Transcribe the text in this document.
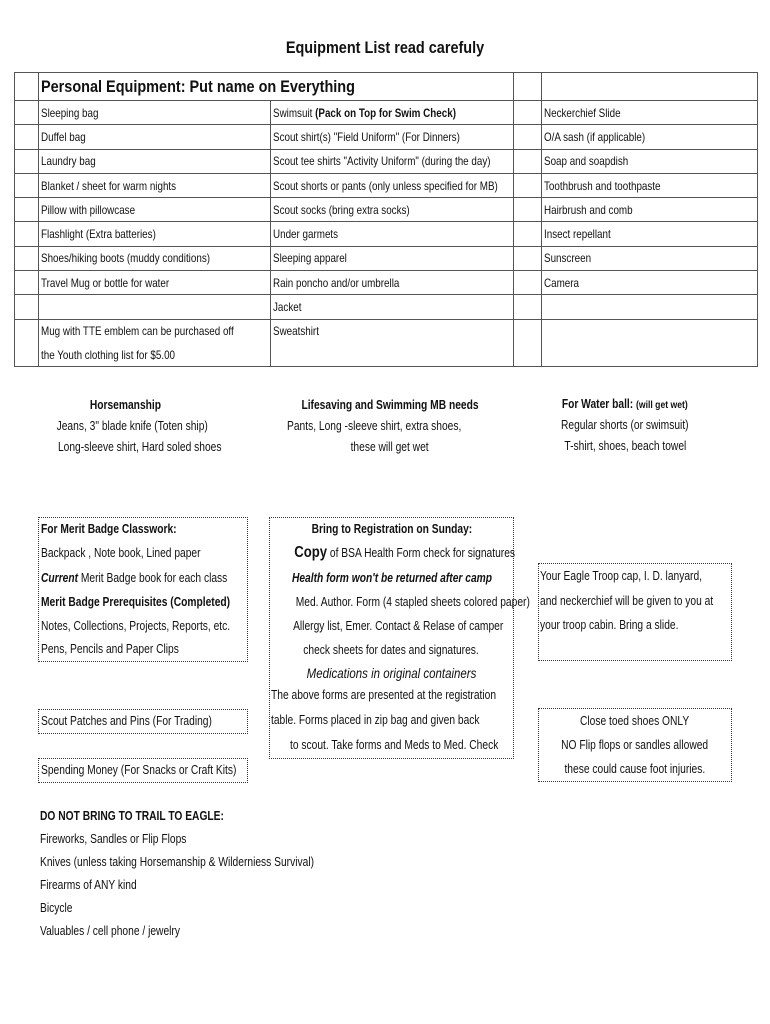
Equipment List read carefuly
	Personal Equipment: Put name on Everything			
	Sleeping bag	Swimsuit (Pack on Top for Swim Check)		Neckerchief Slide
	Duffel bag	Scout shirt(s) "Field Uniform" (For Dinners)		O/A sash (if applicable)
	Laundry bag	Scout tee shirts "Activity Uniform" (during the day)		Soap and soapdish
	Blanket / sheet for warm nights	Scout shorts or pants (only unless specified for MB)		Toothbrush and toothpaste
	Pillow with pillowcase	Scout socks (bring extra socks)		Hairbrush and comb
	Flashlight (Extra batteries)	Under garmets		Insect repellant
	Shoes/hiking boots (muddy conditions)	Sleeping apparel		Sunscreen
	Travel Mug or bottle for water	Rain poncho and/or umbrella		Camera
		Jacket		
	Mug with TTE emblem can be purchased off	Sweatshirt		
	the Youth clothing list for $5.00			
Horsemanship
Jeans, 3" blade knife (Toten ship)
Long-sleeve shirt, Hard soled shoes
Lifesaving and Swimming MB needs
Pants, Long -sleeve shirt, extra shoes,
these will get wet
For Water ball: (will get wet)
Regular shorts (or swimsuit)
T-shirt, shoes, beach towel
For Merit Badge Classwork:
Backpack , Note book, Lined paper
Current Merit Badge book for each class
Merit Badge Prerequisites (Completed)
Notes, Collections, Projects, Reports, etc.
Pens, Pencils and Paper Clips
Bring to Registration on Sunday:
Copy of BSA Health Form check for signatures
Health form won't be returned after camp
Med. Author. Form (4 stapled sheets colored paper)
Allergy list, Emer. Contact & Relase of camper
check sheets for dates and signatures.
Medications in original containers
The above forms are presented at the registration
table. Forms placed in zip bag and given back
to scout. Take forms and Meds to Med. Check
Your Eagle Troop cap, I. D. lanyard,
and neckerchief will be given to you at
your troop cabin. Bring a slide.
Scout Patches and Pins (For Trading)
Spending Money (For Snacks or Craft Kits)
Close toed shoes ONLY
NO Flip flops or sandles allowed
these could cause foot injuries.
DO NOT BRING TO TRAIL TO EAGLE:
Fireworks, Sandles or Flip Flops
Knives (unless taking Horsemanship & Wilderniess Survival)
Firearms of ANY kind
Bicycle
Valuables / cell phone / jewelry
